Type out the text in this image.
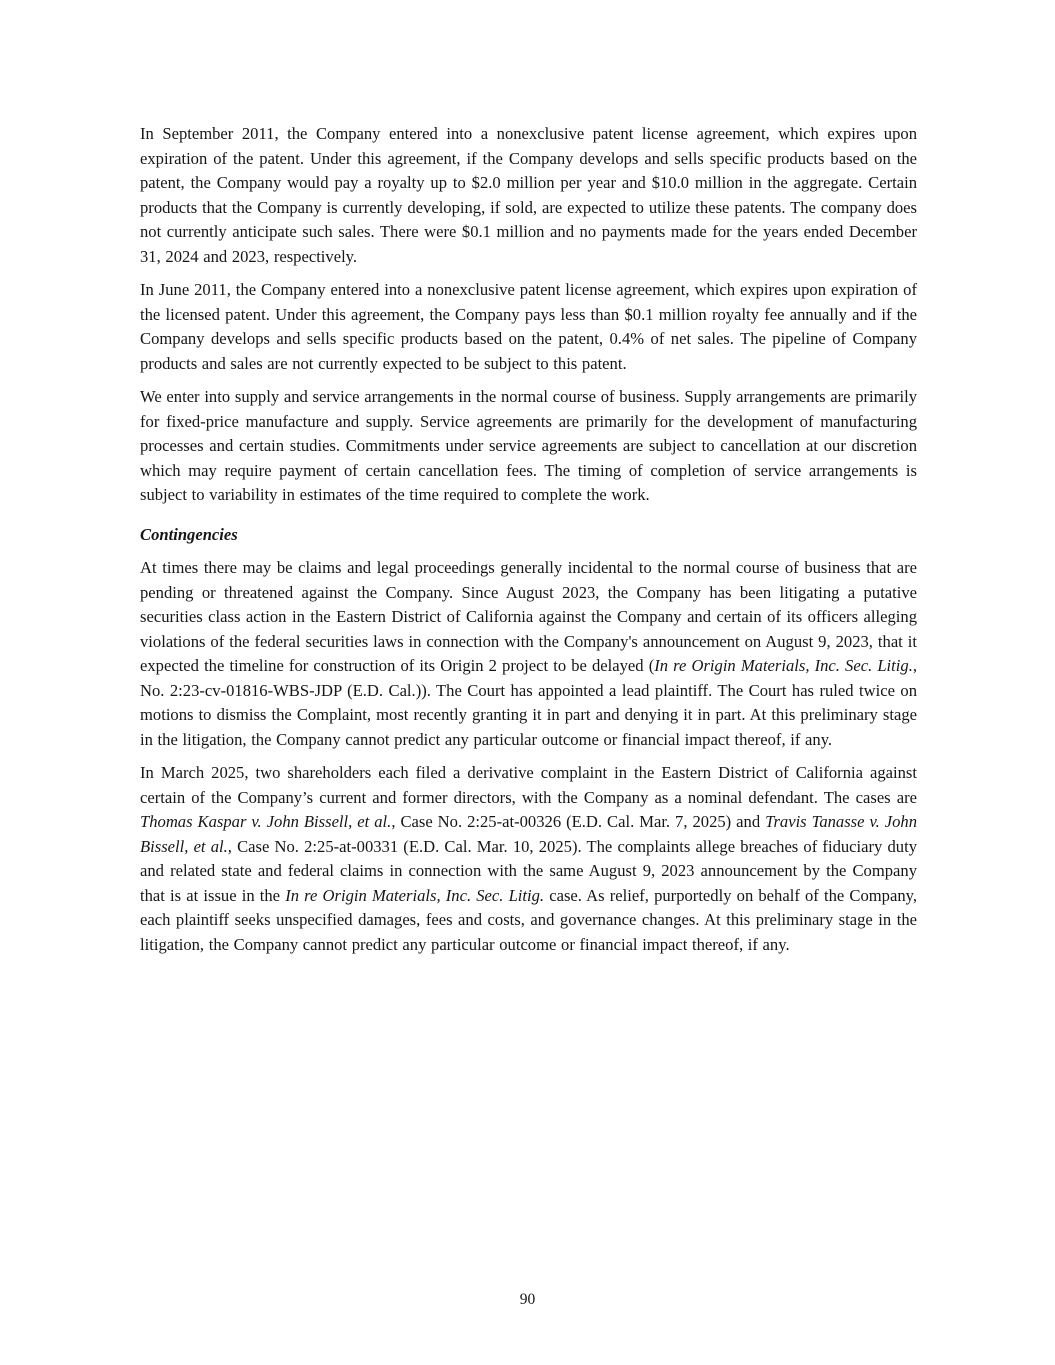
In September 2011, the Company entered into a nonexclusive patent license agreement, which expires upon expiration of the patent. Under this agreement, if the Company develops and sells specific products based on the patent, the Company would pay a royalty up to $2.0 million per year and $10.0 million in the aggregate. Certain products that the Company is currently developing, if sold, are expected to utilize these patents. The company does not currently anticipate such sales. There were $0.1 million and no payments made for the years ended December 31, 2024 and 2023, respectively.

In June 2011, the Company entered into a nonexclusive patent license agreement, which expires upon expiration of the licensed patent. Under this agreement, the Company pays less than $0.1 million royalty fee annually and if the Company develops and sells specific products based on the patent, 0.4% of net sales. The pipeline of Company products and sales are not currently expected to be subject to this patent.

We enter into supply and service arrangements in the normal course of business. Supply arrangements are primarily for fixed-price manufacture and supply. Service agreements are primarily for the development of manufacturing processes and certain studies. Commitments under service agreements are subject to cancellation at our discretion which may require payment of certain cancellation fees. The timing of completion of service arrangements is subject to variability in estimates of the time required to complete the work.

Contingencies

At times there may be claims and legal proceedings generally incidental to the normal course of business that are pending or threatened against the Company. Since August 2023, the Company has been litigating a putative securities class action in the Eastern District of California against the Company and certain of its officers alleging violations of the federal securities laws in connection with the Company's announcement on August 9, 2023, that it expected the timeline for construction of its Origin 2 project to be delayed (In re Origin Materials, Inc. Sec. Litig., No. 2:23-cv-01816-WBS-JDP (E.D. Cal.)). The Court has appointed a lead plaintiff. The Court has ruled twice on motions to dismiss the Complaint, most recently granting it in part and denying it in part. At this preliminary stage in the litigation, the Company cannot predict any particular outcome or financial impact thereof, if any.

In March 2025, two shareholders each filed a derivative complaint in the Eastern District of California against certain of the Company’s current and former directors, with the Company as a nominal defendant. The cases are Thomas Kaspar v. John Bissell, et al., Case No. 2:25-at-00326 (E.D. Cal. Mar. 7, 2025) and Travis Tanasse v. John Bissell, et al., Case No. 2:25-at-00331 (E.D. Cal. Mar. 10, 2025). The complaints allege breaches of fiduciary duty and related state and federal claims in connection with the same August 9, 2023 announcement by the Company that is at issue in the In re Origin Materials, Inc. Sec. Litig. case. As relief, purportedly on behalf of the Company, each plaintiff seeks unspecified damages, fees and costs, and governance changes. At this preliminary stage in the litigation, the Company cannot predict any particular outcome or financial impact thereof, if any.

90
